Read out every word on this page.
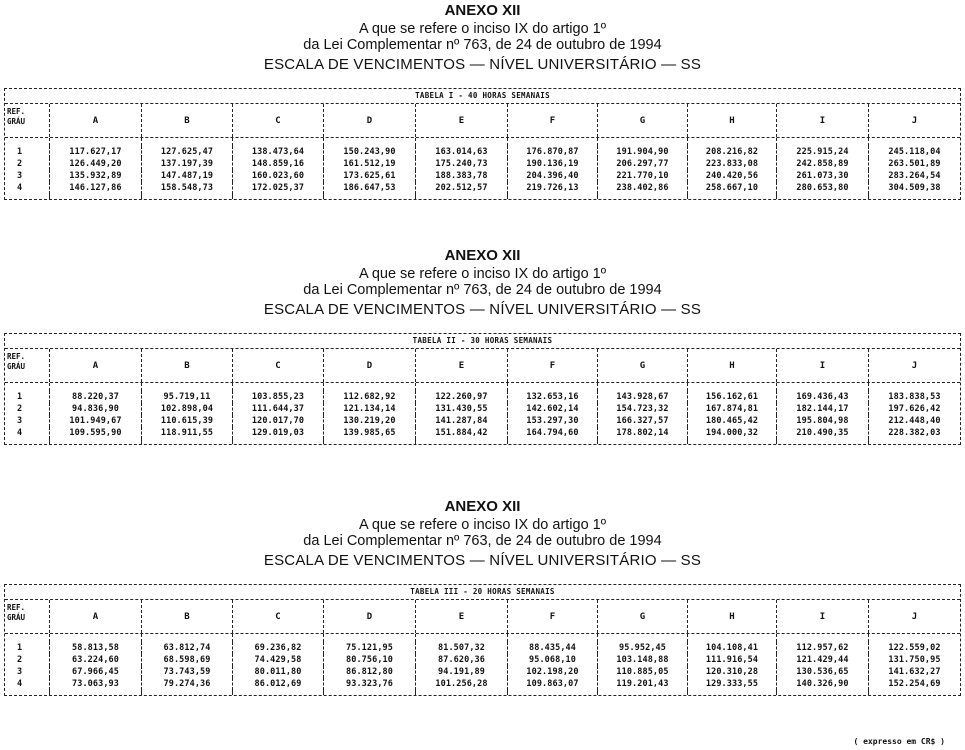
ANEXO XII
A que se refere o inciso IX do artigo 1º
da Lei Complementar nº 763, de 24 de outubro de 1994
ESCALA DE VENCIMENTOS — NÍVEL UNIVERSITÁRIO — SS
TABELA I - 40 HORAS SEMANAIS
REF.
GRÁU	A	B	C	D	E	F	G	H	I	J
1	117.627,17	127.625,47	138.473,64	150.243,90	163.014,63	176.870,87	191.904,90	208.216,82	225.915,24	245.118,04
2	126.449,20	137.197,39	148.859,16	161.512,19	175.240,73	190.136,19	206.297,77	223.833,08	242.858,89	263.501,89
3	135.932,89	147.487,19	160.023,60	173.625,61	188.383,78	204.396,40	221.770,10	240.420,56	261.073,30	283.264,54
4	146.127,86	158.548,73	172.025,37	186.647,53	202.512,57	219.726,13	238.402,86	258.667,10	280.653,80	304.509,38
ANEXO XII
A que se refere o inciso IX do artigo 1º
da Lei Complementar nº 763, de 24 de outubro de 1994
ESCALA DE VENCIMENTOS — NÍVEL UNIVERSITÁRIO — SS
TABELA II - 30 HORAS SEMANAIS
REF.
GRÁU	A	B	C	D	E	F	G	H	I	J
1	88.220,37	95.719,11	103.855,23	112.682,92	122.260,97	132.653,16	143.928,67	156.162,61	169.436,43	183.838,53
2	94.836,90	102.898,04	111.644,37	121.134,14	131.430,55	142.602,14	154.723,32	167.874,81	182.144,17	197.626,42
3	101.949,67	110.615,39	120.017,70	130.219,20	141.287,84	153.297,30	166.327,57	180.465,42	195.804,98	212.448,40
4	109.595,90	118.911,55	129.019,03	139.985,65	151.884,42	164.794,60	178.802,14	194.000,32	210.490,35	228.382,03
ANEXO XII
A que se refere o inciso IX do artigo 1º
da Lei Complementar nº 763, de 24 de outubro de 1994
ESCALA DE VENCIMENTOS — NÍVEL UNIVERSITÁRIO — SS
TABELA III - 20 HORAS SEMANAIS
REF.
GRÁU	A	B	C	D	E	F	G	H	I	J
1	58.813,58	63.812,74	69.236,82	75.121,95	81.507,32	88.435,44	95.952,45	104.108,41	112.957,62	122.559,02
2	63.224,60	68.598,69	74.429,58	80.756,10	87.620,36	95.068,10	103.148,88	111.916,54	121.429,44	131.750,95
3	67.966,45	73.743,59	80.011,80	86.812,80	94.191,89	102.198,20	110.885,05	120.310,28	130.536,65	141.632,27
4	73.063,93	79.274,36	86.012,69	93.323,76	101.256,28	109.863,07	119.201,43	129.333,55	140.326,90	152.254,69
( expresso em CR$ )
